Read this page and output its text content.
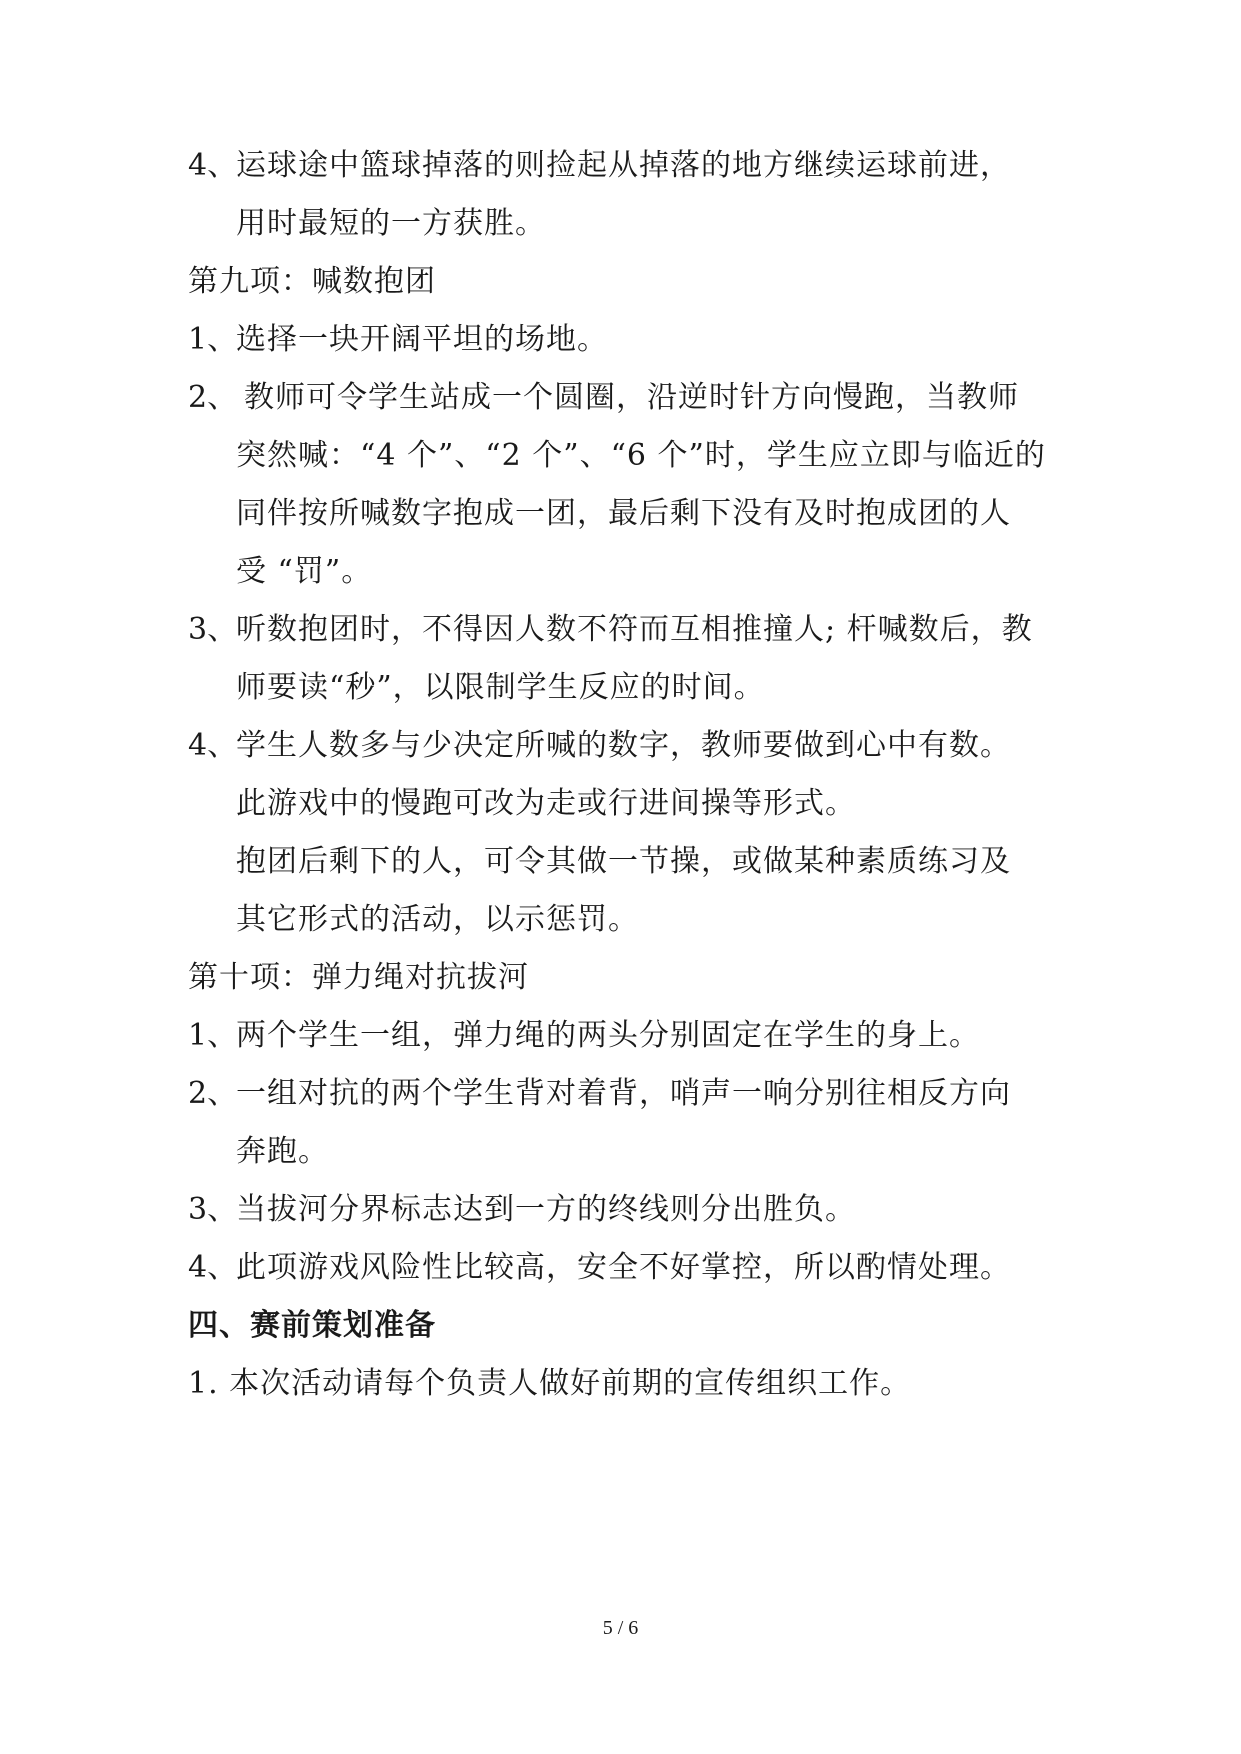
4、
运球途中篮球掉落的则捡起从掉落的地方继续运球前进，
用时最短的一方获胜。
第九项：喊数抱团
1、
选择一块开阔平坦的场地。
2、 教师可令学生站成一个圆圈，沿逆时针方向慢跑，当教师
突然喊：“4 个”、“2 个”、“6 个”时，学生应立即与临近的
同伴按所喊数字抱成一团，最后剩下没有及时抱成团的人
受 “罚”。
3、
听数抱团时，不得因人数不符而互相推撞人; 杆喊数后，教
师要读“秒”，以限制学生反应的时间。
4、
学生人数多与少决定所喊的数字，教师要做到心中有数。
此游戏中的慢跑可改为走或行进间操等形式。
抱团后剩下的人，可令其做一节操，或做某种素质练习及
其它形式的活动，以示惩罚。
第十项：弹力绳对抗拔河
1、
两个学生一组，弹力绳的两头分别固定在学生的身上。
2、
一组对抗的两个学生背对着背，哨声一响分别往相反方向
奔跑。
3、
当拔河分界标志达到一方的终线则分出胜负。
4、
此项游戏风险性比较高，安全不好掌控，所以酌情处理。
四、赛前策划准备
1. 本次活动请每个负责人做好前期的宣传组织工作。
5 / 6
